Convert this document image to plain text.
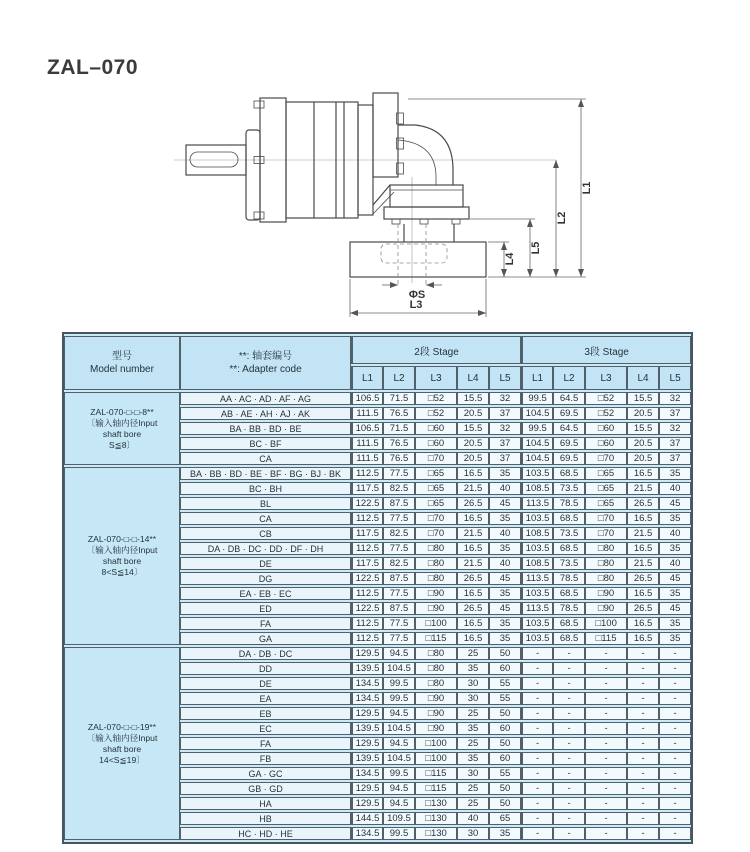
ZAL–070
L1
L2
L5
L4
ΦS
L3
型号
Model number

**: 轴套编号
**: Adapter code
	2段 Stage	3段 Stage
		L1	L2	L3	L4	L5	L1	L2	L3	L4	L5

ZAL-070-□-□-8**
〔输入轴内径Input
shaft bore
S≦8〕	AA · AC · AD · AF · AG	106.5	71.5	□52	15.5	32	99.5	64.5	□52	15.5	32
	AB · AE · AH · AJ · AK	111.5	76.5	□52	20.5	37	104.5	69.5	□52	20.5	37
	BA · BB · BD · BE	106.5	71.5	□60	15.5	32	99.5	64.5	□60	15.5	32
	BC · BF	111.5	76.5	□60	20.5	37	104.5	69.5	□60	20.5	37
	CA	111.5	76.5	□70	20.5	37	104.5	69.5	□70	20.5	37

ZAL-070-□-□-14**
〔输入轴内径Input
shaft bore
8<S≦14〕	BA · BB · BD · BE · BF · BG · BJ · BK	112.5	77.5	□65	16.5	35	103.5	68.5	□65	16.5	35
	BC · BH	117.5	82.5	□65	21.5	40	108.5	73.5	□65	21.5	40
	BL	122.5	87.5	□65	26.5	45	113.5	78.5	□65	26.5	45
	CA	112.5	77.5	□70	16.5	35	103.5	68.5	□70	16.5	35
	CB	117.5	82.5	□70	21.5	40	108.5	73.5	□70	21.5	40
	DA · DB · DC · DD · DF · DH	112.5	77.5	□80	16.5	35	103.5	68.5	□80	16.5	35
	DE	117.5	82.5	□80	21.5	40	108.5	73.5	□80	21.5	40
	DG	122.5	87.5	□80	26.5	45	113.5	78.5	□80	26.5	45
	EA · EB · EC	112.5	77.5	□90	16.5	35	103.5	68.5	□90	16.5	35
	ED	122.5	87.5	□90	26.5	45	113.5	78.5	□90	26.5	45
	FA	112.5	77.5	□100	16.5	35	103.5	68.5	□100	16.5	35
	GA	112.5	77.5	□115	16.5	35	103.5	68.5	□115	16.5	35

ZAL-070-□-□-19**
〔输入轴内径Input
shaft bore
14<S≦19〕	DA · DB · DC	129.5	94.5	□80	25	50	-	-	-	-	-
	DD	139.5	104.5	□80	35	60	-	-	-	-	-
	DE	134.5	99.5	□80	30	55	-	-	-	-	-
	EA	134.5	99.5	□90	30	55	-	-	-	-	-
	EB	129.5	94.5	□90	25	50	-	-	-	-	-
	EC	139.5	104.5	□90	35	60	-	-	-	-	-
	FA	129.5	94.5	□100	25	50	-	-	-	-	-
	FB	139.5	104.5	□100	35	60	-	-	-	-	-
	GA · GC	134.5	99.5	□115	30	55	-	-	-	-	-
	GB · GD	129.5	94.5	□115	25	50	-	-	-	-	-
	HA	129.5	94.5	□130	25	50	-	-	-	-	-
	HB	144.5	109.5	□130	40	65	-	-	-	-	-
	HC · HD · HE	134.5	99.5	□130	30	35	-	-	-	-	-
